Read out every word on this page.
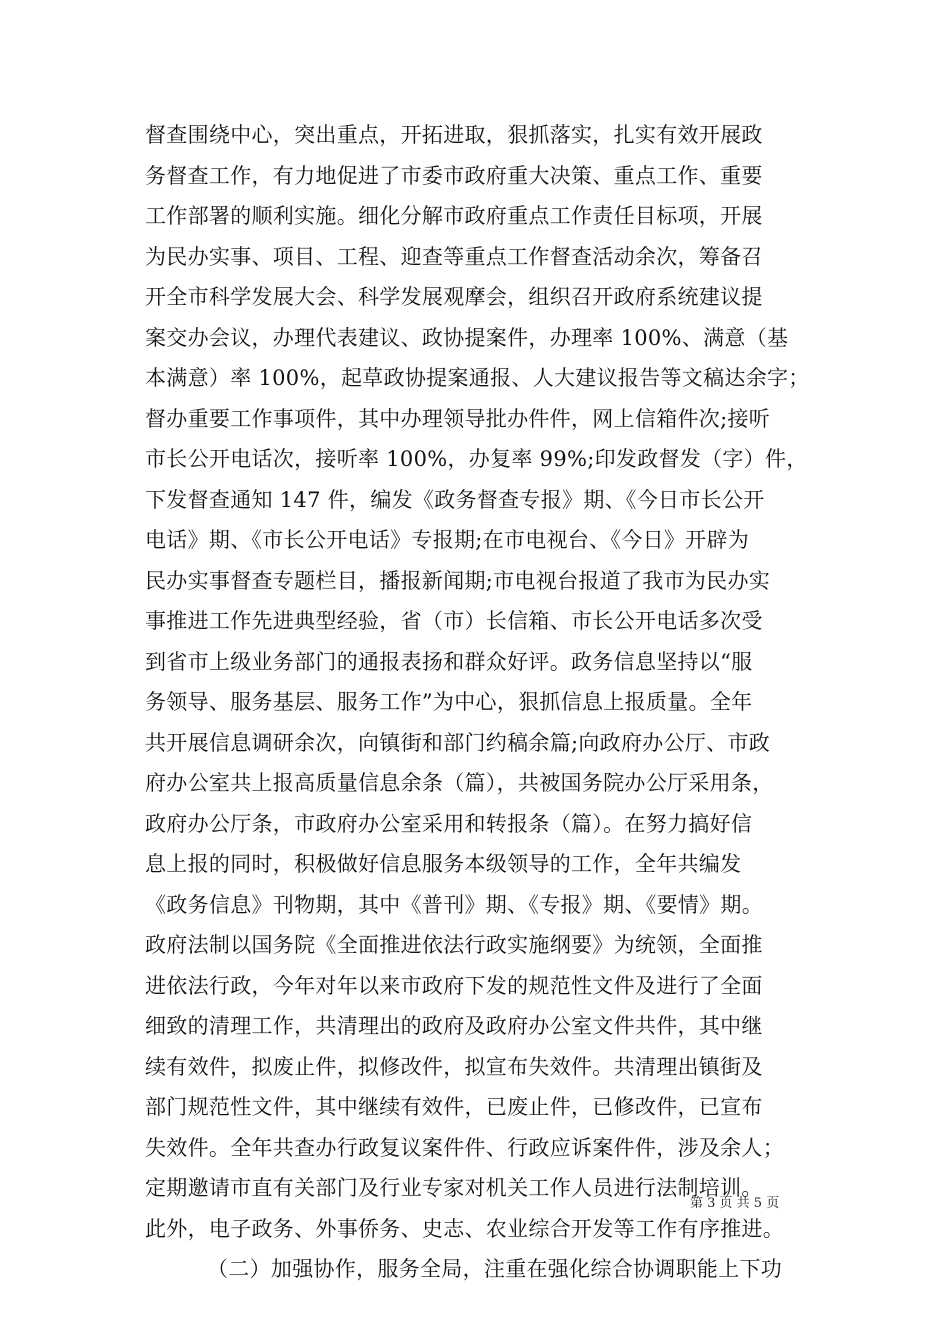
督查围绕中心，突出重点，开拓进取，狠抓落实，扎实有效开展政
务督查工作，有力地促进了市委市政府重大决策、重点工作、重要
工作部署的顺利实施。细化分解市政府重点工作责任目标项，开展
为民办实事、项目、工程、迎查等重点工作督查活动余次，筹备召
开全市科学发展大会、科学发展观摩会，组织召开政府系统建议提
案交办会议，办理代表建议、政协提案件，办理率 100%、满意（基
本满意）率 100%，起草政协提案通报、人大建议报告等文稿达余字；
督办重要工作事项件，其中办理领导批办件件，网上信箱件次;接听
市长公开电话次，接听率 100%，办复率 99%;印发政督发（字）件，
下发督查通知 147 件，编发《政务督查专报》期、《今日市长公开
电话》期、《市长公开电话》专报期;在市电视台、《今日》开辟为
民办实事督查专题栏目，播报新闻期;市电视台报道了我市为民办实
事推进工作先进典型经验，省（市）长信箱、市长公开电话多次受
到省市上级业务部门的通报表扬和群众好评。政务信息坚持以“服
务领导、服务基层、服务工作”为中心，狠抓信息上报质量。全年
共开展信息调研余次，向镇街和部门约稿余篇;向政府办公厅、市政
府办公室共上报高质量信息余条（篇），共被国务院办公厅采用条，
政府办公厅条，市政府办公室采用和转报条（篇）。在努力搞好信
息上报的同时，积极做好信息服务本级领导的工作，全年共编发
《政务信息》刊物期，其中《普刊》期、《专报》期、《要情》期。
政府法制以国务院《全面推进依法行政实施纲要》为统领，全面推
进依法行政，今年对年以来市政府下发的规范性文件及进行了全面
细致的清理工作，共清理出的政府及政府办公室文件共件，其中继
续有效件，拟废止件，拟修改件，拟宣布失效件。共清理出镇街及
部门规范性文件，其中继续有效件，已废止件，已修改件，已宣布
失效件。全年共查办行政复议案件件、行政应诉案件件，涉及余人；
定期邀请市直有关部门及行业专家对机关工作人员进行法制培训。
此外，电子政务、外事侨务、史志、农业综合开发等工作有序推进。
（二）加强协作，服务全局，注重在强化综合协调职能上下功
第 3 页 共 5 页
